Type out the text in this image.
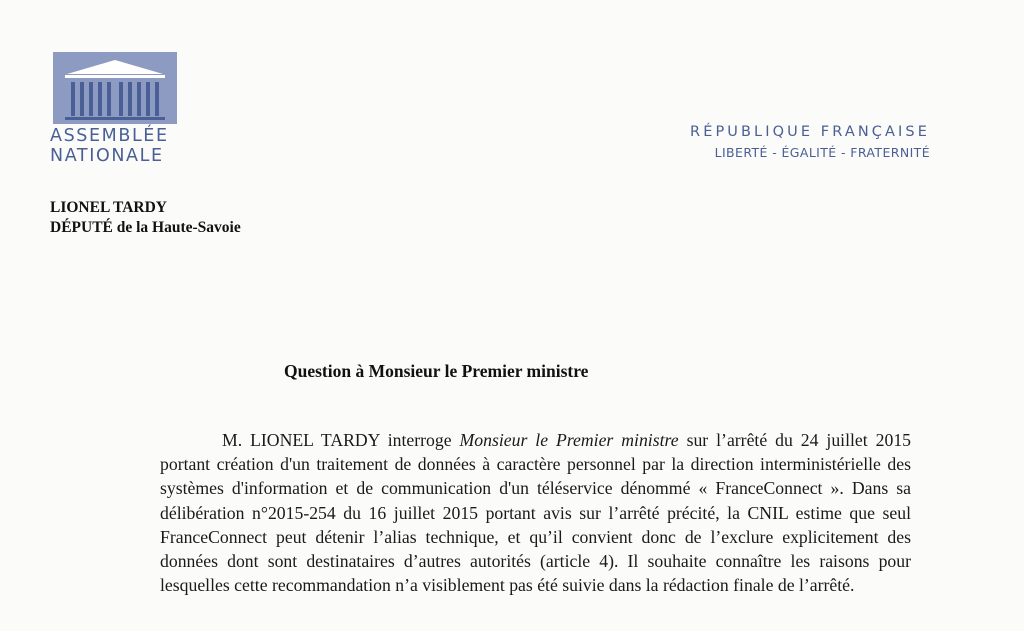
ASSEMBLÉE
NATIONALE
RÉPUBLIQUE FRANÇAISE
LIBERTÉ - ÉGALITÉ - FRATERNITÉ
LIONEL TARDY
DÉPUTÉ de la Haute-Savoie
Question à Monsieur le Premier ministre

M. LIONEL TARDY interroge Monsieur le Premier ministre sur l’arrêté du 24 juillet 2015 portant création d'un traitement de données à caractère personnel par la direction interministérielle des systèmes d'information et de communication d'un téléservice dénommé « FranceConnect ». Dans sa délibération n°2015-254 du 16 juillet 2015 portant avis sur l’arrêté précité, la CNIL estime que seul FranceConnect peut détenir l’alias technique, et qu’il convient donc de l’exclure explicitement des données dont sont destinataires d’autres autorités (article 4). Il souhaite connaître les raisons pour lesquelles cette recommandation n’a visiblement pas été suivie dans la rédaction finale de l’arrêté.
